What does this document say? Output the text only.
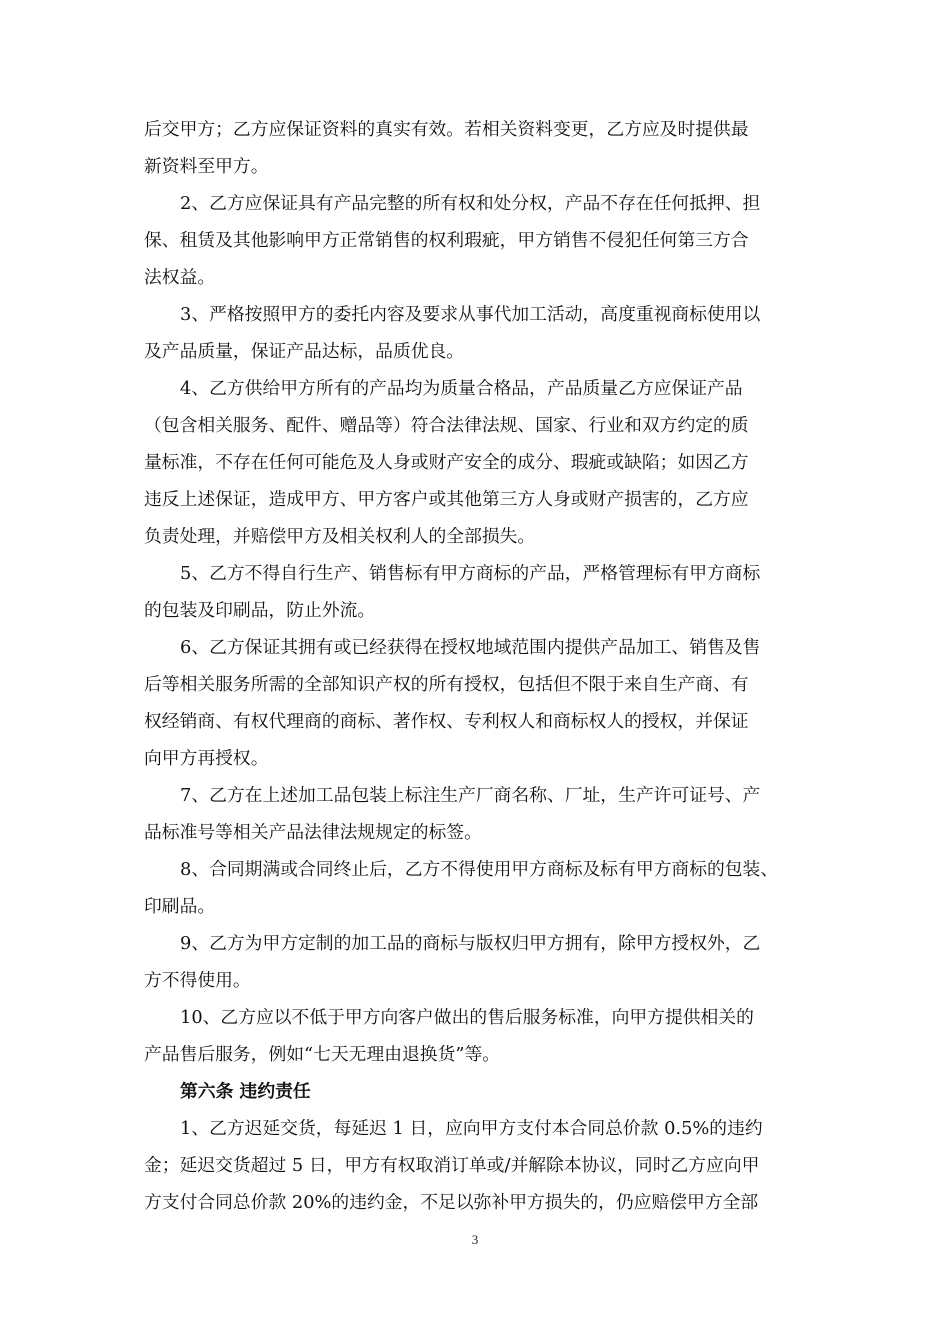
后交甲方；乙方应保证资料的真实有效。若相关资料变更，乙方应及时提供最
新资料至甲方。
2、乙方应保证具有产品完整的所有权和处分权，产品不存在任何抵押、担
保、租赁及其他影响甲方正常销售的权利瑕疵，甲方销售不侵犯任何第三方合
法权益。
3、严格按照甲方的委托内容及要求从事代加工活动，高度重视商标使用以
及产品质量，保证产品达标，品质优良。
4、乙方供给甲方所有的产品均为质量合格品，产品质量乙方应保证产品
（包含相关服务、配件、赠品等）符合法律法规、国家、行业和双方约定的质
量标准，不存在任何可能危及人身或财产安全的成分、瑕疵或缺陷；如因乙方
违反上述保证，造成甲方、甲方客户或其他第三方人身或财产损害的，乙方应
负责处理，并赔偿甲方及相关权利人的全部损失。
5、乙方不得自行生产、销售标有甲方商标的产品，严格管理标有甲方商标
的包装及印刷品，防止外流。
6、乙方保证其拥有或已经获得在授权地域范围内提供产品加工、销售及售
后等相关服务所需的全部知识产权的所有授权，包括但不限于来自生产商、有
权经销商、有权代理商的商标、著作权、专利权人和商标权人的授权，并保证
向甲方再授权。
7、乙方在上述加工品包装上标注生产厂商名称、厂址，生产许可证号、产
品标准号等相关产品法律法规规定的标签。
8、合同期满或合同终止后，乙方不得使用甲方商标及标有甲方商标的包装、
印刷品。
9、乙方为甲方定制的加工品的商标与版权归甲方拥有，除甲方授权外，乙
方不得使用。
10、乙方应以不低于甲方向客户做出的售后服务标准，向甲方提供相关的
产品售后服务，例如“七天无理由退换货”等。
第六条 违约责任
1、乙方迟延交货，每延迟 1 日，应向甲方支付本合同总价款 0.5%的违约
金；延迟交货超过 5 日，甲方有权取消订单或/并解除本协议，同时乙方应向甲
方支付合同总价款 20%的违约金，不足以弥补甲方损失的，仍应赔偿甲方全部
3
